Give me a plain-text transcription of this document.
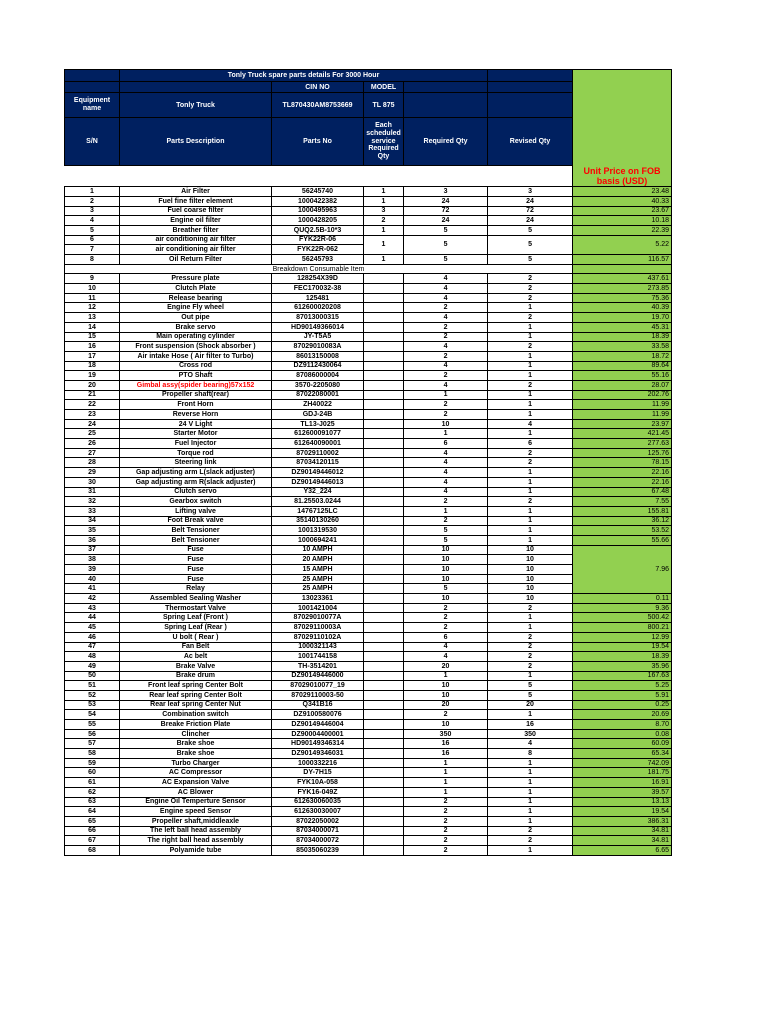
	Tonly Truck spare parts details For 3000 Hour					
		CIN NO	MODEL			
Equipment name	Tonly Truck	TL870430AM8753669	TL 875			
S/N	Parts Description	Parts No	Each scheduled service Required Qty	Required Qty	Revised Qty	
						Unit Price on FOB basis (USD)
1	Air Filter	56245740	1	3	3	23.48
2	Fuel fine filter element	1000422382	1	24	24	40.33
3	Fuel coarse filter	1000495963	3	72	72	23.67
4	Engine oil filter	1000428205	2	24	24	10.18
5	Breather filter	QUQ2.5B-10*3	1	5	5	22.39
6	air conditioning air filter	FYK22R-06	1	5	5	5.22
7	air conditioning air filter	FYK22R-062				
8	Oil Return Filter	56245793	1	5	5	116.57
Breakdown Consumable Item						
9	Pressure plate	128254X39D		4	2	437.61
10	Clutch Plate	FEC170032-38		4	2	273.85
11	Release bearing	125481		4	2	75.36
12	Engine Fly wheel	612600020208		2	1	40.39
13	Out pipe	87013000315		4	2	19.70
14	Brake servo	HD90149366014		2	1	45.31
15	Main operating cylinder	JY-T5A5		2	1	18.39
16	Front suspension (Shock absorber )	87029010083A		4	2	33.58
17	Air intake Hose ( Air filter to Turbo)	86013150008		2	1	18.72
18	Cross rod	DZ9112430064		4	1	89.64
19	PTO Shaft	87086000004		2	1	55.16
20	Gimbal assy(spider bearing)57x152	3570-2205080		4	2	28.07
21	Propeller shaft(rear)	87022080001		1	1	202.76
22	Front Horn	ZH40022		2	1	11.99
23	Reverse Horn	GDJ-24B		2	1	11.99
24	24 V Light	TL13-J025		10	4	23.97
25	Starter Motor	612600091077		1	1	421.45
26	Fuel Injector	612640090001		6	6	277.63
27	Torque rod	87029110002		4	2	125.76
28	Steering link	87034120115		4	2	78.15
29	Gap adjusting arm L(slack adjuster)	DZ90149446012		4	1	22.16
30	Gap adjusting arm R(slack adjuster)	DZ90149446013		4	1	22.16
31	Clutch servo	Y32_224		4	1	67.48
32	Gearbox switch	81.25503.0244		2	2	7.55
33	Lifting valve	14767125LC		1	1	155.81
34	Foot Break valve	35140130260		2	1	36.12
35	Belt Tensioner	1001319530		5	1	53.52
36	Belt Tensioner	1000694241		5	1	55.66
37	Fuse	10 AMPH		10	10	7.96
38	Fuse	20 AMPH		10	10	
39	Fuse	15 AMPH		10	10	
40	Fuse	25 AMPH		10	10	
41	Relay	25 AMPH		5	10	
42	Assembled Sealing Washer	13023361		10	10	0.11
43	Thermostart Valve	1001421004		2	2	9.36
44	Spring Leaf (Front )	87029010077A		2	1	500.42
45	Spring Leaf (Rear )	87029110003A		2	1	800.21
46	U bolt ( Rear )	87029110102A		6	2	12.99
47	Fan Belt	1000321143		4	2	19.54
48	Ac belt	1001744158		4	2	18.39
49	Brake Valve	TH-3514201		20	2	35.96
50	Brake drum	DZ90149446000		1	1	167.63
51	Front leaf spring Center Bolt	87029010077_19		10	5	5.25
52	Rear leaf spring Center Bolt	87029110003-50		10	5	5.91
53	Rear leaf spring Center Nut	Q341B16		20	20	0.25
54	Combination switch	DZ9100580076		2	1	20.69
55	Breake Friction Plate	DZ90149446004		10	16	8.70
56	Clincher	DZ90004400001		350	350	0.08
57	Brake shoe	HD90149346314		16	4	60.09
58	Brake shoe	DZ90149346031		16	8	65.34
59	Turbo Charger	1000332216		1	1	742.09
60	AC Compressor	DY-7H15		1	1	181.75
61	AC Expansion Valve	FYK10A-058		1	1	16.91
62	AC Blower	FYK16-049Z		1	1	39.57
63	Engine Oil Temperture Sensor	612630060035		2	1	13.13
64	Engine speed Sensor	612630030007		2	1	19.54
65	Propeller shaft,middleaxle	87022050002		2	1	386.31
66	The left ball head assembly	87034000071		2	2	34.81
67	The right ball head assembly	87034000072		2	2	34.81
68	Polyamide tube	85035060239		2	1	6.65
